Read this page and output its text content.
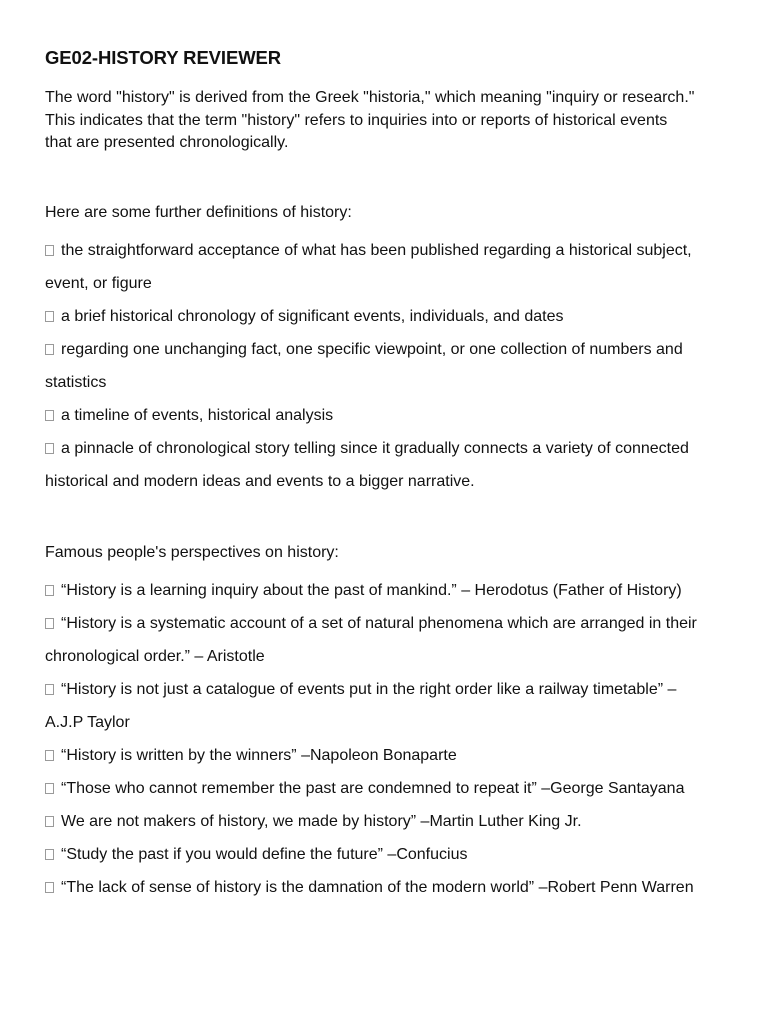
GE02-HISTORY REVIEWER

The word "history" is derived from the Greek "historia," which meaning "inquiry or research." This indicates that the term "history" refers to inquiries into or reports of historical events that are presented chronologically.

Here are some further definitions of history:

the straightforward acceptance of what has been published regarding a historical subject, event, or figure
a brief historical chronology of significant events, individuals, and dates
regarding one unchanging fact, one specific viewpoint, or one collection of numbers and statistics
a timeline of events, historical analysis
a pinnacle of chronological story telling since it gradually connects a variety of connected historical and modern ideas and events to a bigger narrative.

Famous people's perspectives on history:

“History is a learning inquiry about the past of mankind.” – Herodotus (Father of History)
“History is a systematic account of a set of natural phenomena which are arranged in their chronological order.” – Aristotle
“History is not just a catalogue of events put in the right order like a railway timetable” –A.J.P Taylor
“History is written by the winners” –Napoleon Bonaparte
“Those who cannot remember the past are condemned to repeat it” –George Santayana
We are not makers of history, we made by history” –Martin Luther King Jr.
“Study the past if you would define the future” –Confucius
“The lack of sense of history is the damnation of the modern world” –Robert Penn Warren
